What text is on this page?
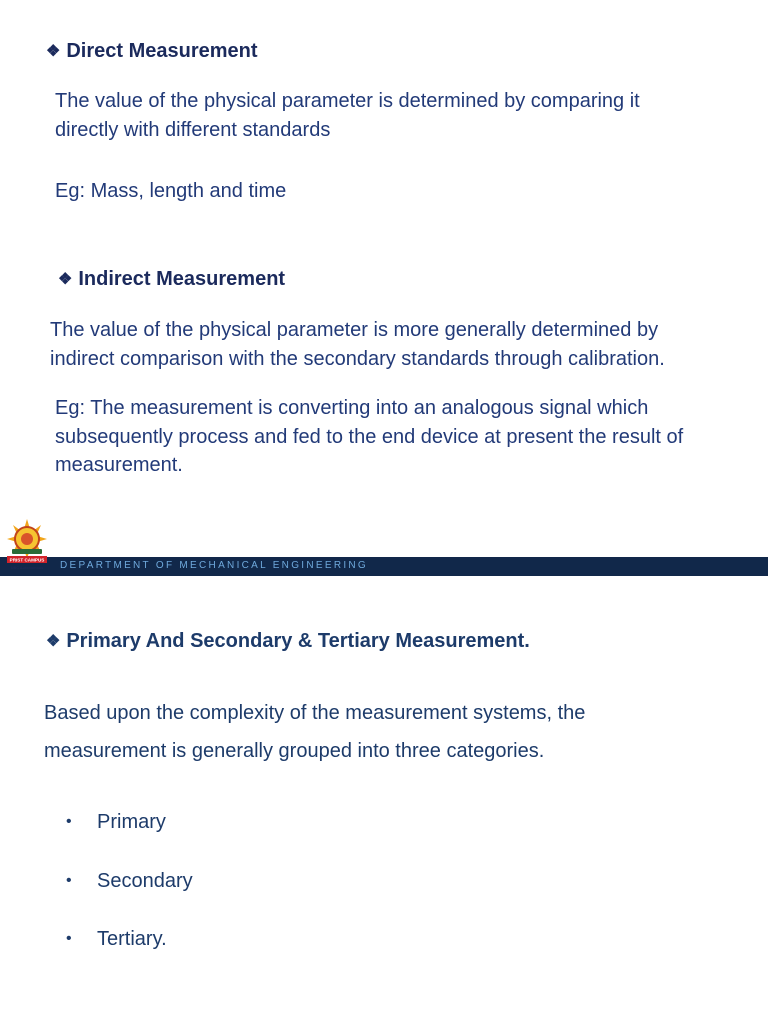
❖ Direct Measurement
The value of the physical parameter is determined by comparing it
directly with different standards
Eg: Mass, length and time
❖ Indirect Measurement
The value of the physical parameter is more generally determined by
indirect comparison with the secondary standards through calibration.
Eg: The measurement is converting into an analogous signal which
subsequently process and fed to the end device at present the result of
measurement.
DEPARTMENT OF MECHANICAL ENGINEERING
PRIST CAMPUS
UBC Autonomous
❖ Primary And Secondary & Tertiary Measurement.
Based upon the complexity of the measurement systems, the
measurement is generally grouped into three categories.
• Primary
• Secondary
• Tertiary.
